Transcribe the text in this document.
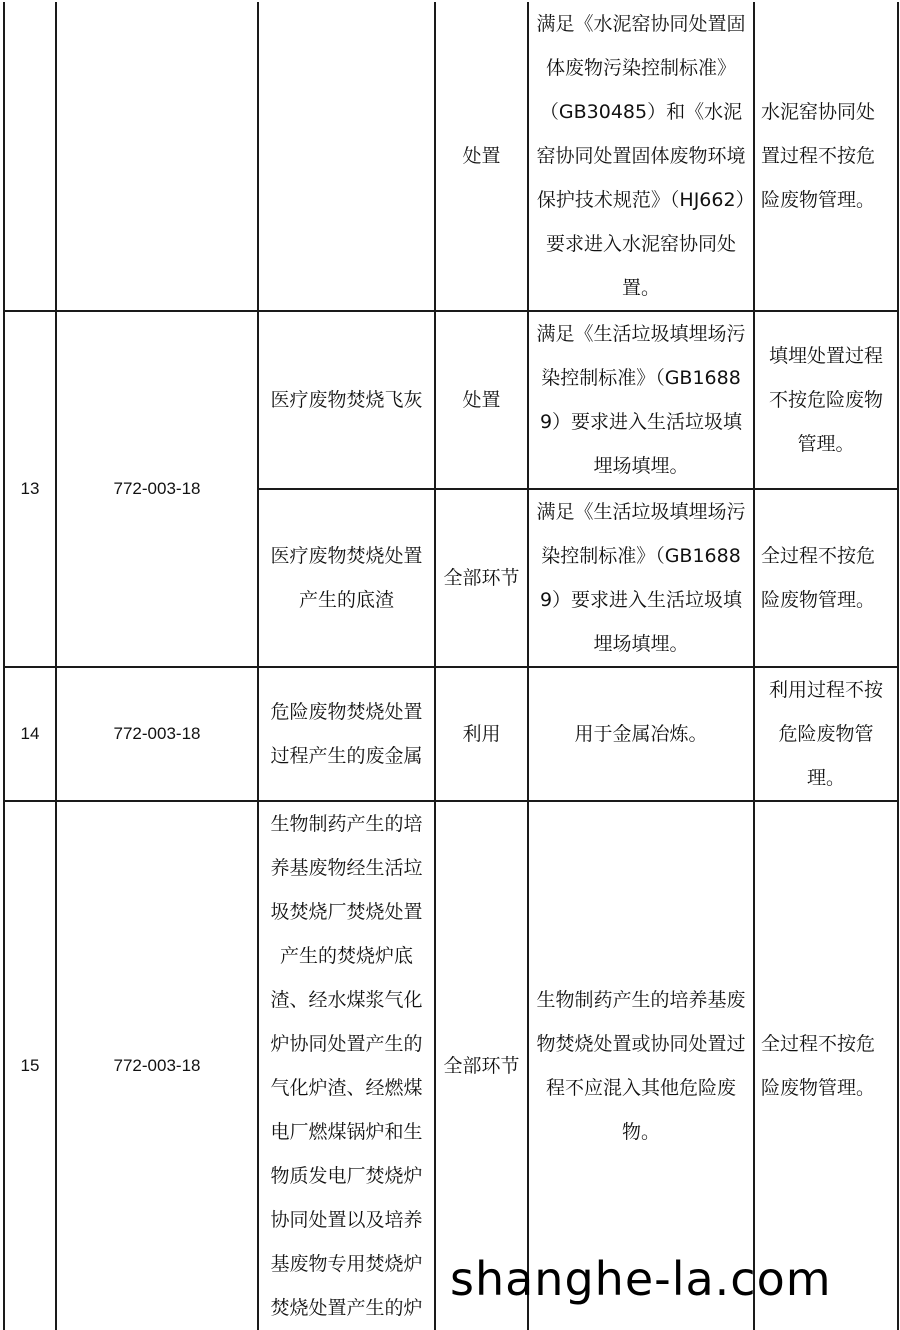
			处置	满足《水泥窑协同处置固体废物污染控制标准》（GB30485）和《水泥窑协同处置固体废物环境保护技术规范》（HJ662）要求进入水泥窑协同处置。	水泥窑协同处置过程不按危险废物管理。

13	772-003-18	医疗废物焚烧飞灰	处置	满足《生活垃圾填埋场污染控制标准》（GB16889）要求进入生活垃圾填埋场填埋。	填埋处置过程不按危险废物管理。

		医疗废物焚烧处置产生的底渣	全部环节	满足《生活垃圾填埋场污染控制标准》（GB16889）要求进入生活垃圾填埋场填埋。	全过程不按危险废物管理。

14	772-003-18	危险废物焚烧处置过程产生的废金属	利用	用于金属冶炼。	利用过程不按危险废物管理。

15	772-003-18	生物制药产生的培养基废物经生活垃圾焚烧厂焚烧处置产生的焚烧炉底渣、经水煤浆气化炉协同处置产生的气化炉渣、经燃煤电厂燃煤锅炉和生物质发电厂焚烧炉协同处置以及培养基废物专用焚烧炉焚烧处置产生的炉	全部环节	生物制药产生的培养基废物焚烧处置或协同处置过程不应混入其他危险废物。	全过程不按危险废物管理。
shanghe-la.com
